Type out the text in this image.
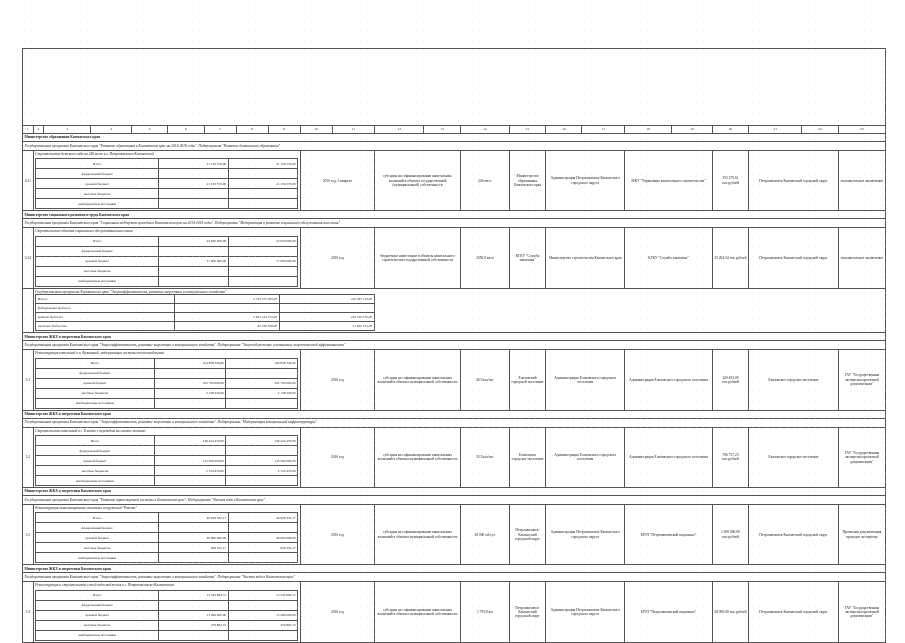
1	2	3	4	5	6	7	8	9	10	11	12	13	14	15	16	17	18	19	20	21	22	23
Министерство образования Камчатского края
Государственная программа Камчатского края "Развитие образования в Камчатском крае на 2014-2018 годы". Подпрограмма "Развитие дошкольного образования"
4.31	
Строительство детского сада на 240 мест в г. Петропавловск-Камчатский
Итого	21 136 570,00	21 136 570,00
федеральный бюджет		
краевой бюджет	21 136 570,00	21 136 570,00
местные бюджеты		
внебюджетные источники		
	2016 год, 3 квартал	субсидия на софинансирование капитальных вложений в объекты государственной (муниципальной) собственности	240 мест	Министерство образования Камчатского края	Администрация Петропавловск-Камчатского городского округа	МКУ "Управление капитального строительства"	353 279,61 тыс.рублей	Петропавловск-Камчатский городской округ	положительное заключение
Министерство социального развития и труда Камчатского края
Государственная программа Камчатского края "Социальная поддержка граждан в Камчатском крае на 2014-2018 годы". Подпрограмма "Модернизация и развитие социального обслуживания населения"
4.34	
Строительство объекта социального обслуживания населения
Итого	23 050 000,00	23 050 000,00
федеральный бюджет		
краевой бюджет	17 000 000,00	17 000 000,00
местные бюджеты		
внебюджетные источники		
	2016 год	бюджетные инвестиции в объекты капитального строительства государственной собственности	2050,0 кв.м	КГКУ "Служба заказчика"	Министерство строительства Камчатского края	КГКУ "Служба заказчика"	25 204,34 тыс.рублей	Петропавловск-Камчатский городской округ	положительное заключение

Государственная программа Камчатского края "Энергоэффективность, развитие энергетики и коммунального хозяйства"
Итого	2 743 575 050,00	292 587 110,00
федеральный бюджет		
краевой бюджет	2 661 244 372,00	240 746 376,00
местные бюджеты	82 330 678,00	51 840 734,00

Министерство ЖКХ и энергетики Камчатского края
Государственная программа Камчатского края "Энергоэффективность, развитие энергетики и коммунального хозяйства". Подпрограмма "Энергосбережение и повышение энергетической эффективности"
5.1	
Реконструкция котельной в п. Вулканный, модернизация системы теплоснабжения
Итого	104 838 329,00	104 838 329,00
федеральный бюджет		
краевой бюджет	102 700 000,00	102 700 000,00
местные бюджеты	2 138 329,00	2 138 329,00
внебюджетные источники		
	2016 год	субсидия на софинансирование капитальных вложений в объекты муниципальной собственности	40 Гкал/час	Елизовский городской поселение	Администрация Елизовского городского поселения	Администрация Елизовского городского поселения	420 453,00 тыс.рублей	Елизовское городское поселение	ГАУ "Государственная экспертиза проектной документации"
Министерство ЖКХ и энергетики Камчатского края
Государственная программа Камчатского края "Энергоэффективность, развитие энергетики и коммунального хозяйства". Подпрограмма "Модернизация коммунальной инфраструктуры"
5.2	
Строительство котельной в г. Елизово с переводом на газовое топливо
Итого	136 224 470,00	136 224 470,00
федеральный бюджет		
краевой бюджет	133 500 000,00	133 500 000,00
местные бюджеты	2 724 470,00	2 724 470,00
внебюджетные источники		
	2016 год	субсидия на софинансирование капитальных вложений в объекты муниципальной собственности	35 Гкал/час	Елизовское городское поселение	Администрация Елизовского городского поселения	Администрация Елизовского городского поселения	706 737,23 тыс.рублей	Елизовское городское поселение	ГАУ "Государственная экспертиза проектной документации"
Министерство ЖКХ и энергетики Камчатского края
Государственная программа Камчатского края "Развитие транспортной системы в Камчатском крае". Подпрограмма "Чистая вода в Камчатском крае"
5.3	
Реконструкция канализационных очистных сооружений "Ракета"
Итого	40 928 352,17	40 928 352,17
федеральный бюджет		
краевой бюджет	40 000 000,00	40 000 000,00
местные бюджеты	928 352,17	928 352,17
внебюджетные источники		
	2016 год	субсидия на софинансирование капитальных вложений в объекты муниципальной собственности	30 000 м3/сут	Петропавловск-Камчатский городской округ	Администрация Петропавловск-Камчатского городского округа	МУП "Петропавловский водоканал"	1 069 006,00 тыс.рублей	Петропавловск-Камчатский городской округ	Проектная документация проходит экспертизу
Министерство ЖКХ и энергетики Камчатского края
Государственная программа Камчатского края "Энергоэффективность, развитие энергетики и коммунального хозяйства". Подпрограмма "Чистая вода в Камчатском крае"
5.4	
Реконструкция и строительство сетей водоснабжения в г. Петропавловске-Камчатском
Итого	13 545 864,72	13 545 864,72
федеральный бюджет		
краевой бюджет	13 269 000,00	13 269 000,00
местные бюджеты	276 864,72	276 864,72
внебюджетные источники		
	2016 год	субсидия на софинансирование капитальных вложений в объекты муниципальной собственности	1 793,8 км	Петропавловск-Камчатский городской округ	Администрация Петропавловск-Камчатского городского округа	МУП "Петропавловский водоканал"	28 090,00 тыс.рублей	Петропавловск-Камчатский городской округ	ГАУ "Государственная экспертиза проектной документации"
